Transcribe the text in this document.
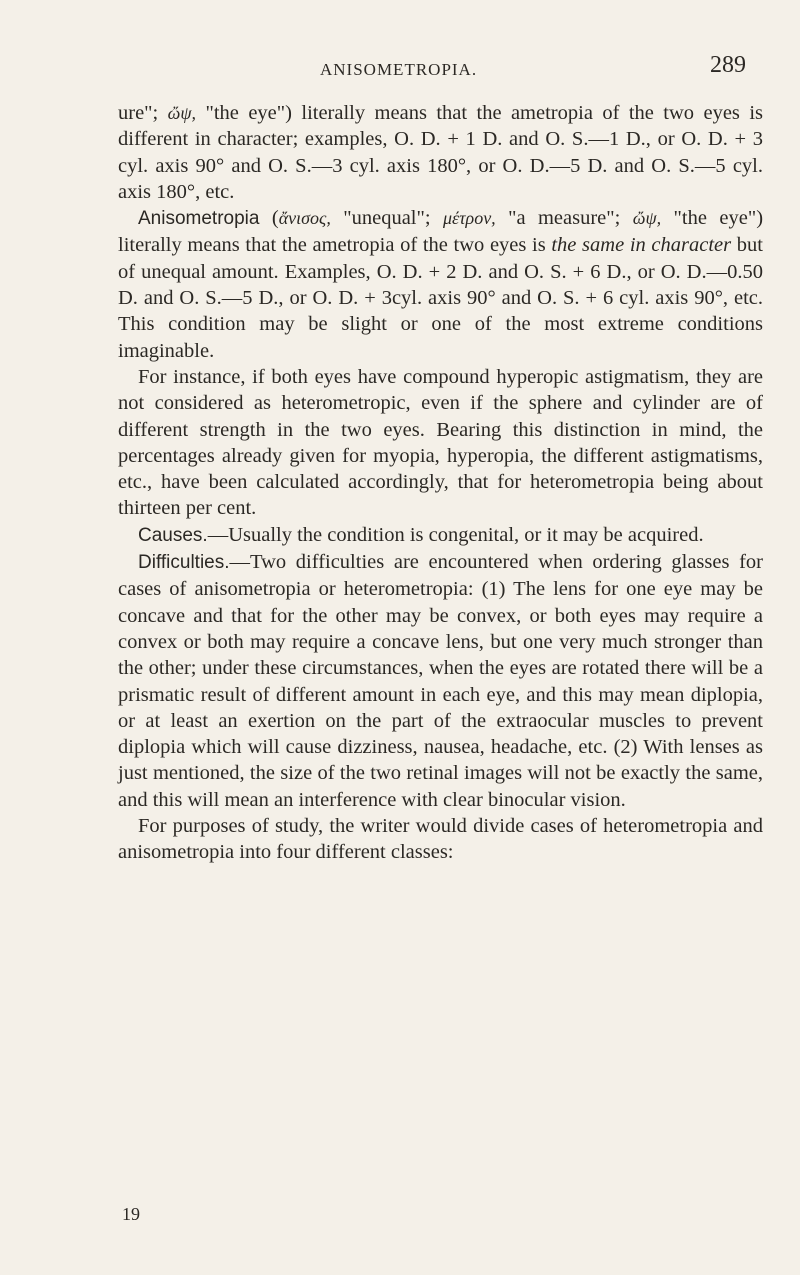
ANISOMETROPIA.	289

ure"; ὤψ, "the eye") literally means that the ametropia of the two eyes is different in character; examples, O. D. + 1 D. and O. S.—1 D., or O. D. + 3 cyl. axis 90° and O. S.—3 cyl. axis 180°, or O. D.—5 D. and O. S.—5 cyl. axis 180°, etc.

Anisometropia (ἄνισος, "unequal"; μέτρον, "a measure"; ὤψ, "the eye") literally means that the ametropia of the two eyes is the same in character but of unequal amount. Examples, O. D. + 2 D. and O. S. + 6 D., or O. D.—0.50 D. and O. S.—5 D., or O. D. + 3cyl. axis 90° and O. S. + 6 cyl. axis 90°, etc. This condition may be slight or one of the most extreme conditions imaginable.

For instance, if both eyes have compound hyperopic astigmatism, they are not considered as heterometropic, even if the sphere and cylinder are of different strength in the two eyes. Bearing this distinction in mind, the percentages already given for myopia, hyperopia, the different astigmatisms, etc., have been calculated accordingly, that for heterometropia being about thirteen per cent.

Causes.—Usually the condition is congenital, or it may be acquired.

Difficulties.—Two difficulties are encountered when ordering glasses for cases of anisometropia or heterometropia: (1) The lens for one eye may be concave and that for the other may be convex, or both eyes may require a convex or both may require a concave lens, but one very much stronger than the other; under these circumstances, when the eyes are rotated there will be a prismatic result of different amount in each eye, and this may mean diplopia, or at least an exertion on the part of the extraocular muscles to prevent diplopia which will cause dizziness, nausea, headache, etc. (2) With lenses as just mentioned, the size of the two retinal images will not be exactly the same, and this will mean an interference with clear binocular vision.

For purposes of study, the writer would divide cases of heterometropia and anisometropia into four different classes:

19
